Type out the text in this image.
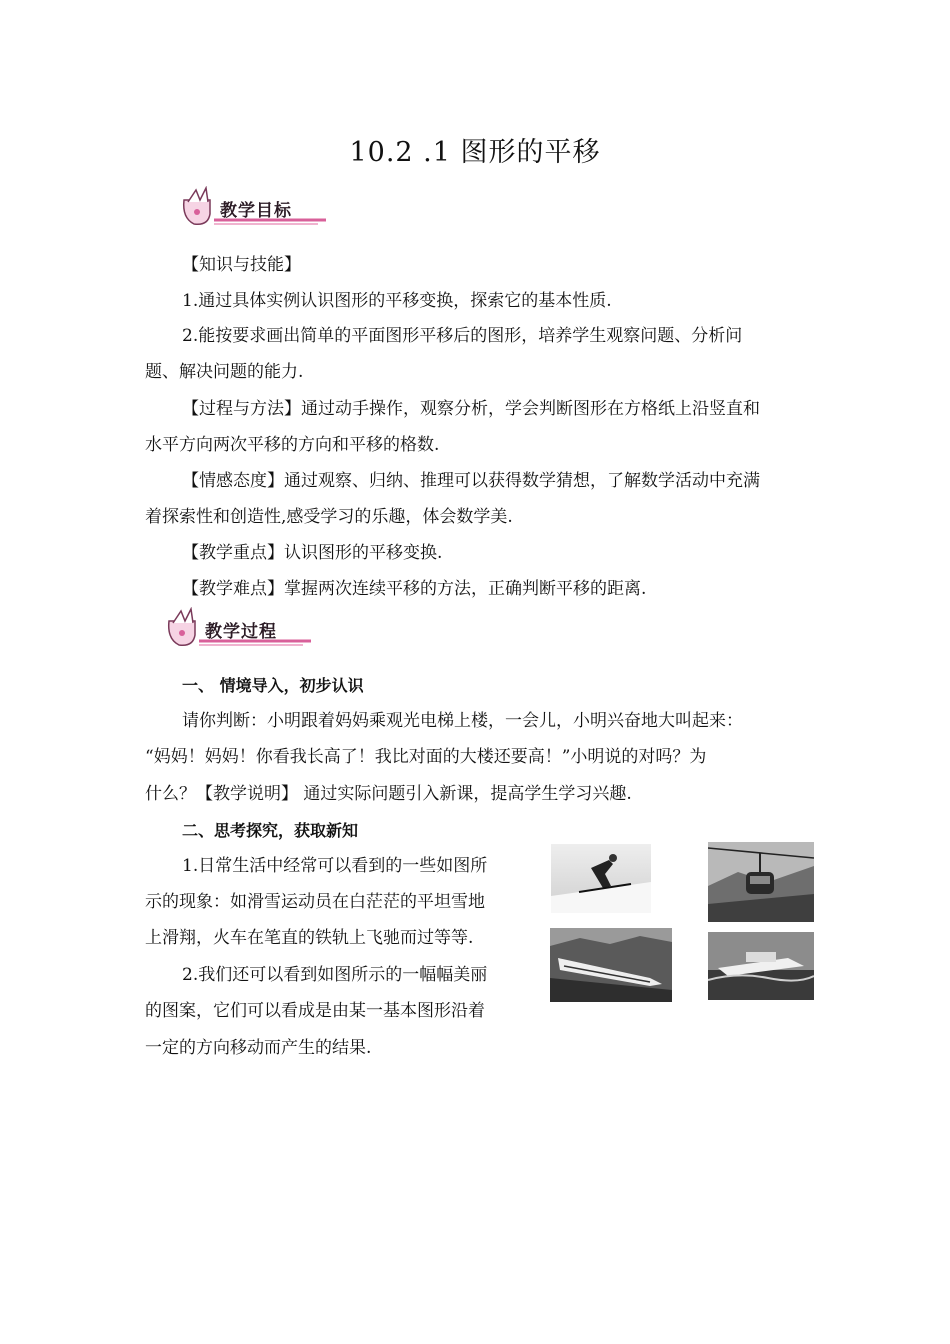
10.2 .1 图形的平移
教学目标
【知识与技能】
1.通过具体实例认识图形的平移变换，探索它的基本性质.
2.能按要求画出简单的平面图形平移后的图形，培养学生观察问题、分析问
题、解决问题的能力.
【过程与方法】通过动手操作，观察分析，学会判断图形在方格纸上沿竖直和
水平方向两次平移的方向和平移的格数.
【情感态度】通过观察、归纳、推理可以获得数学猜想，了解数学活动中充满
着探索性和创造性,感受学习的乐趣，体会数学美.
【教学重点】认识图形的平移变换.
【教学难点】掌握两次连续平移的方法，正确判断平移的距离.
教学过程
一、 情境导入，初步认识
请你判断：小明跟着妈妈乘观光电梯上楼，一会儿，小明兴奋地大叫起来：
“妈妈！妈妈！你看我长高了！我比对面的大楼还要高！”小明说的对吗？为
什么？【教学说明】 通过实际问题引入新课，提高学生学习兴趣.
二、思考探究，获取新知
1.日常生活中经常可以看到的一些如图所
示的现象：如滑雪运动员在白茫茫的平坦雪地
上滑翔，火车在笔直的铁轨上飞驰而过等等.
2.我们还可以看到如图所示的一幅幅美丽
的图案，它们可以看成是由某一基本图形沿着
一定的方向移动而产生的结果.
